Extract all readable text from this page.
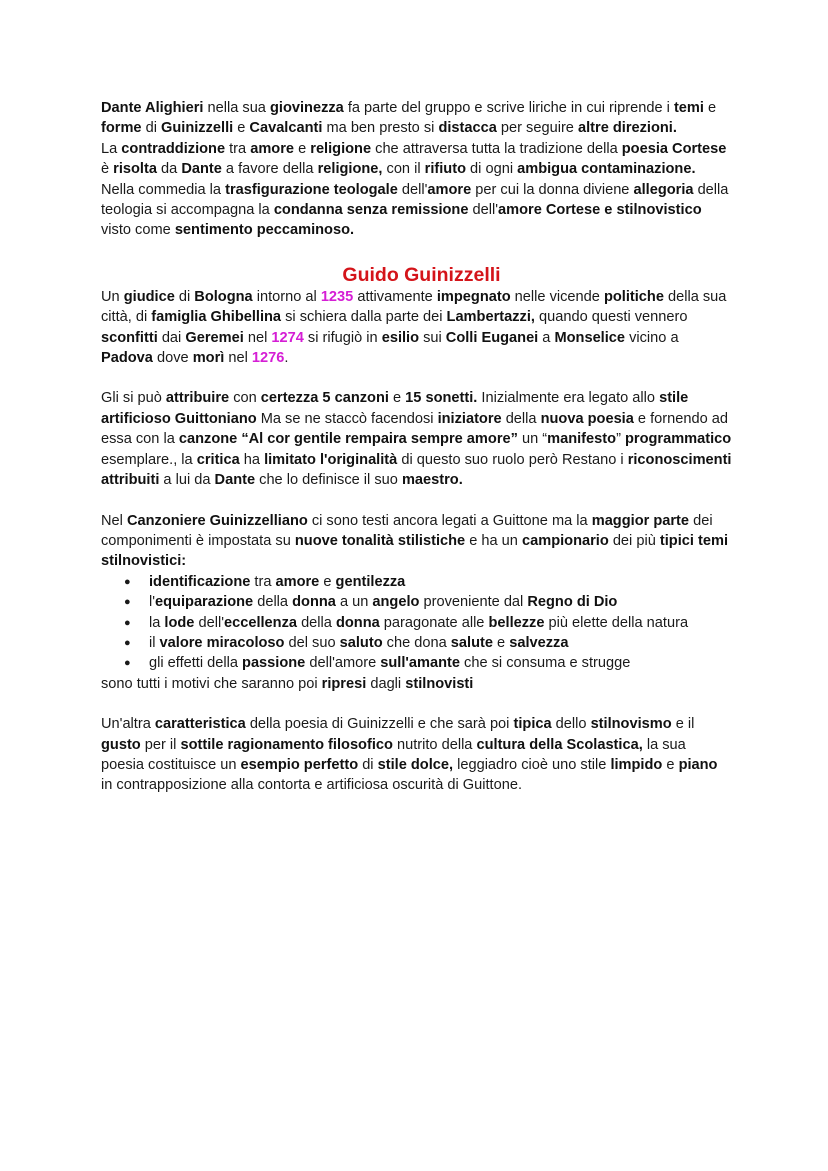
Dante Alighieri nella sua giovinezza fa parte del gruppo e scrive liriche in cui riprende i temi e forme di Guinizzelli e Cavalcanti ma ben presto si distacca per seguire altre direzioni.

La contraddizione tra amore e religione che attraversa tutta la tradizione della poesia Cortese è risolta da Dante a favore della religione, con il rifiuto di ogni ambigua contaminazione. Nella commedia la trasfigurazione teologale dell'amore per cui la donna diviene allegoria della teologia si accompagna la condanna senza remissione dell'amore Cortese e stilnovistico visto come sentimento peccaminoso.

Guido Guinizzelli

Un giudice di Bologna intorno al 1235 attivamente impegnato nelle vicende politiche della sua città, di famiglia Ghibellina si schiera dalla parte dei Lambertazzi, quando questi vennero sconfitti dai Geremei nel 1274 si rifugiò in esilio sui Colli Euganei a Monselice vicino a Padova dove morì nel 1276.

Gli si può attribuire con certezza 5 canzoni e 15 sonetti. Inizialmente era legato allo stile artificioso Guittoniano Ma se ne staccò facendosi iniziatore della nuova poesia e fornendo ad essa con la canzone “Al cor gentile rempaira sempre amore” un “manifesto” programmatico esemplare., la critica ha limitato l'originalità di questo suo ruolo però Restano i riconoscimenti attribuiti a lui da Dante che lo definisce il suo maestro.

Nel Canzoniere Guinizzelliano ci sono testi ancora legati a Guittone ma la maggior parte dei componimenti è impostata su nuove tonalità stilistiche e ha un campionario dei più tipici temi stilnovistici:

● identificazione tra amore e gentilezza
● l'equiparazione della donna a un angelo proveniente dal Regno di Dio
● la lode dell'eccellenza della donna paragonate alle bellezze più elette della natura
● il valore miracoloso del suo saluto che dona salute e salvezza
● gli effetti della passione dell'amore sull'amante che si consuma e strugge

sono tutti i motivi che saranno poi ripresi dagli stilnovisti

Un'altra caratteristica della poesia di Guinizzelli e che sarà poi tipica dello stilnovismo e il gusto per il sottile ragionamento filosofico nutrito della cultura della Scolastica, la sua poesia costituisce un esempio perfetto di stile dolce, leggiadro cioè uno stile limpido e piano in contrapposizione alla contorta e artificiosa oscurità di Guittone.
